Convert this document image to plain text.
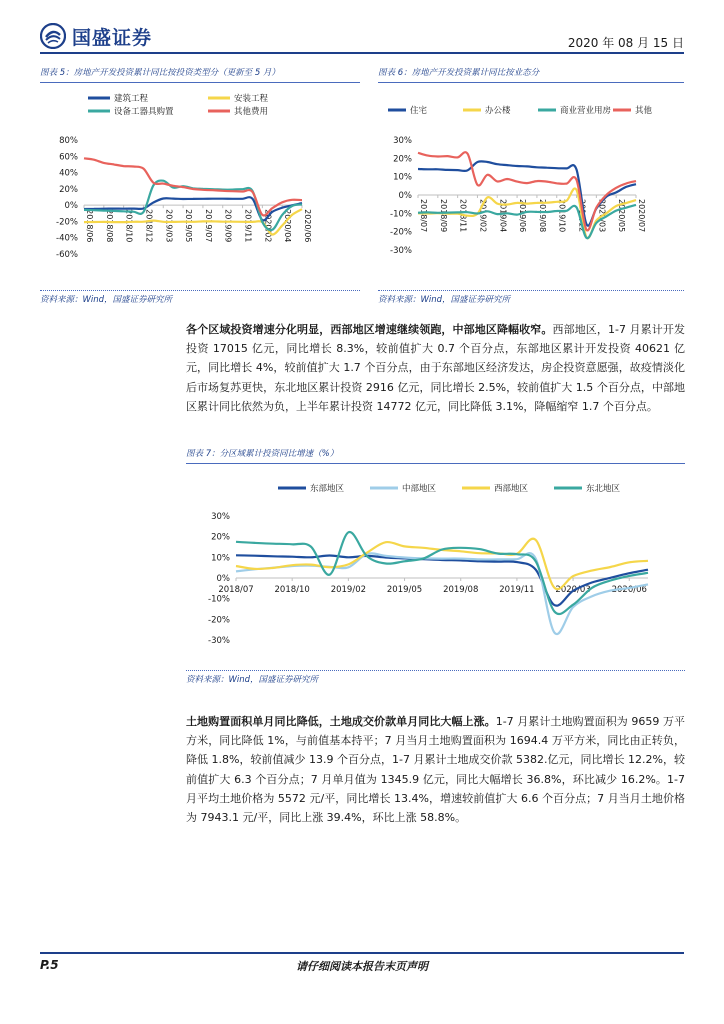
国盛证券	2020 年 08 月 15 日
图表 5：房地产开发投资累计同比按投资类型分（更新至 5 月）
建筑工程	安装工程
设备工器具购置	其他费用
-60%
-40%
-20%
0%
20%
40%
60%
80%
2018/06 2018/08 2018/10 2018/12 2019/03 2019/05 2019/07 2019/09 2019/11 2020/02 2020/04 2020/06
资料来源：Wind，国盛证券研究所
图表 6：房地产开发投资累计同比按业态分
住宅	办公楼	商业营业用房	其他
-30%
-20%
-10%
0%
10%
20%
30%
2018/07 2018/09 2018/11 2019/02 2019/04 2019/06 2019/08 2019/10 2019/12 2020/03 2020/05 2020/07
资料来源：Wind，国盛证券研究所
各个区域投资增速分化明显，西部地区增速继续领跑，中部地区降幅收窄。西部地区，1-7 月累计开发投资 17015 亿元，同比增长 8.3%，较前值扩大 0.7 个百分点，东部地区累计开发投资 40621 亿元，同比增长 4%，较前值扩大 1.7 个百分点，由于东部地区经济发达，房企投资意愿强，故疫情淡化后市场复苏更快，东北地区累计投资 2916 亿元，同比增长 2.5%，较前值扩大 1.5 个百分点，中部地区累计同比依然为负，上半年累计投资 14772 亿元，同比降低 3.1%，降幅缩窄 1.7 个百分点。
图表 7：分区域累计投资同比增速（%）
东部地区	中部地区	西部地区	东北地区
-30%
-20%
-10%
0%
10%
20%
30%
2018/07 2018/10 2019/02 2019/05 2019/08 2019/11 2020/03 2020/06
资料来源：Wind，国盛证券研究所
土地购置面积单月同比降低，土地成交价款单月同比大幅上涨。1-7 月累计土地购置面积为 9659 万平方米，同比降低 1%，与前值基本持平；7 月当月土地购置面积为 1694.4 万平方米，同比由正转负，降低 1.8%，较前值减少 13.9 个百分点，1-7 月累计土地成交价款 5382.亿元，同比增长 12.2%，较前值扩大 6.3 个百分点；7 月单月值为 1345.9 亿元，同比大幅增长 36.8%，环比减少 16.2%。1-7 月平均土地价格为 5572 元/平，同比增长 13.4%，增速较前值扩大 6.6 个百分点；7 月当月土地价格为 7943.1 元/平，同比上涨 39.4%，环比上涨 58.8%。
P.5	请仔细阅读本报告末页声明
